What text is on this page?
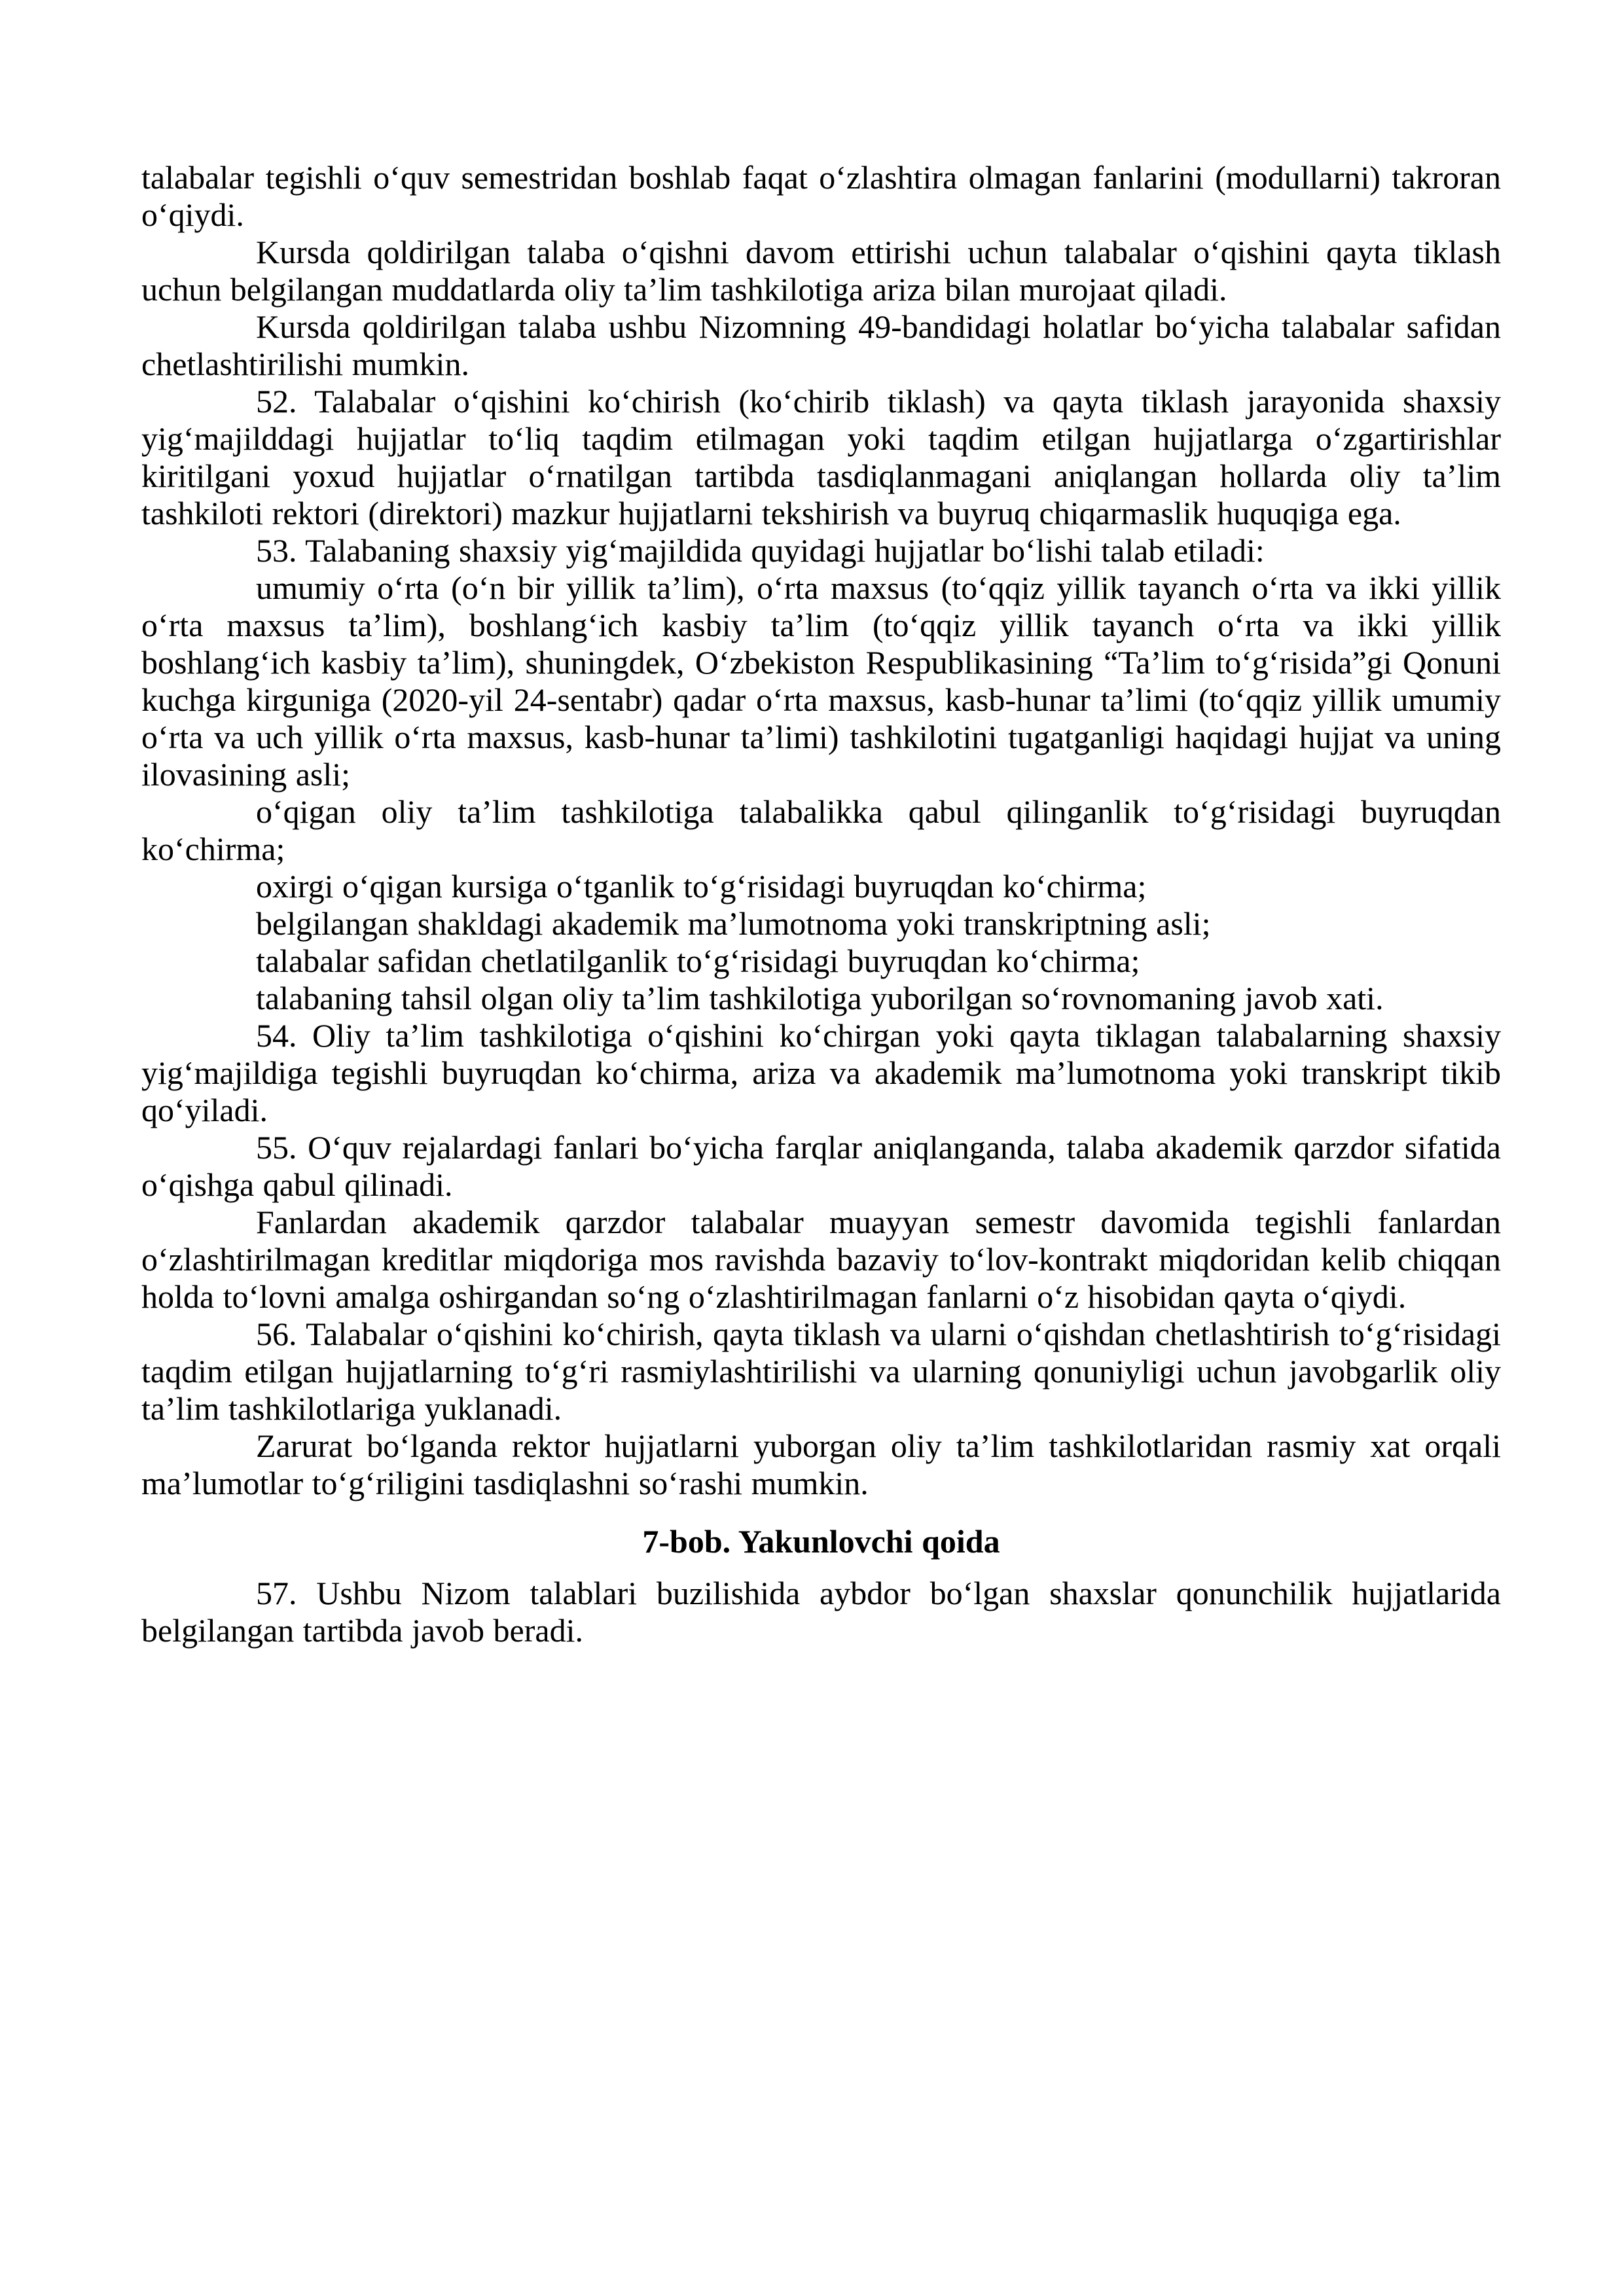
talabalar tegishli oʻquv semestridan boshlab faqat oʻzlashtira olmagan fanlarini (modullarni) takroran oʻqiydi.

Kursda qoldirilgan talaba oʻqishni davom ettirishi uchun talabalar oʻqishini qayta tiklash uchun belgilangan muddatlarda oliy taʼlim tashkilotiga ariza bilan murojaat qiladi.

Kursda qoldirilgan talaba ushbu Nizomning 49-bandidagi holatlar boʻyicha talabalar safidan chetlashtirilishi mumkin.

52. Talabalar oʻqishini koʻchirish (koʻchirib tiklash) va qayta tiklash jarayonida shaxsiy yigʻmajilddagi hujjatlar toʻliq taqdim etilmagan yoki taqdim etilgan hujjatlarga oʻzgartirishlar kiritilgani yoxud hujjatlar oʻrnatilgan tartibda tasdiqlanmagani aniqlangan hollarda oliy taʼlim tashkiloti rektori (direktori) mazkur hujjatlarni tekshirish va buyruq chiqarmaslik huquqiga ega.

53. Talabaning shaxsiy yigʻmajildida quyidagi hujjatlar boʻlishi talab etiladi:

umumiy oʻrta (oʻn bir yillik taʼlim), oʻrta maxsus (toʻqqiz yillik tayanch oʻrta va ikki yillik oʻrta maxsus taʼlim), boshlangʻich kasbiy taʼlim (toʻqqiz yillik tayanch oʻrta va ikki yillik boshlangʻich kasbiy taʼlim), shuningdek, Oʻzbekiston Respublikasining “Taʼlim toʻgʻrisida”gi Qonuni kuchga kirguniga (2020-yil 24-sentabr) qadar oʻrta maxsus, kasb-hunar taʼlimi (toʻqqiz yillik umumiy oʻrta va uch yillik oʻrta maxsus, kasb-hunar taʼlimi) tashkilotini tugatganligi haqidagi hujjat va uning ilovasining asli;

oʻqigan oliy taʼlim tashkilotiga talabalikka qabul qilinganlik toʻgʻrisidagi buyruqdan koʻchirma;

oxirgi oʻqigan kursiga oʻtganlik toʻgʻrisidagi buyruqdan koʻchirma;

belgilangan shakldagi akademik maʼlumotnoma yoki transkriptning asli;

talabalar safidan chetlatilganlik toʻgʻrisidagi buyruqdan koʻchirma;

talabaning tahsil olgan oliy taʼlim tashkilotiga yuborilgan soʻrovnomaning javob xati.

54. Oliy taʼlim tashkilotiga oʻqishini koʻchirgan yoki qayta tiklagan talabalarning shaxsiy yigʻmajildiga tegishli buyruqdan koʻchirma, ariza va akademik maʼlumotnoma yoki transkript tikib qoʻyiladi.

55. Oʻquv rejalardagi fanlari boʻyicha farqlar aniqlanganda, talaba akademik qarzdor sifatida oʻqishga qabul qilinadi.

Fanlardan akademik qarzdor talabalar muayyan semestr davomida tegishli fanlardan oʻzlashtirilmagan kreditlar miqdoriga mos ravishda bazaviy toʻlov-kontrakt miqdoridan kelib chiqqan holda toʻlovni amalga oshirgandan soʻng oʻzlashtirilmagan fanlarni oʻz hisobidan qayta oʻqiydi.

56. Talabalar oʻqishini koʻchirish, qayta tiklash va ularni oʻqishdan chetlashtirish toʻgʻrisidagi taqdim etilgan hujjatlarning toʻgʻri rasmiylashtirilishi va ularning qonuniyligi uchun javobgarlik oliy taʼlim tashkilotlariga yuklanadi.

Zarurat boʻlganda rektor hujjatlarni yuborgan oliy taʼlim tashkilotlaridan rasmiy xat orqali maʼlumotlar toʻgʻriligini tasdiqlashni soʻrashi mumkin.

7-bob. Yakunlovchi qoida

57. Ushbu Nizom talablari buzilishida aybdor boʻlgan shaxslar qonunchilik hujjatlarida belgilangan tartibda javob beradi.
